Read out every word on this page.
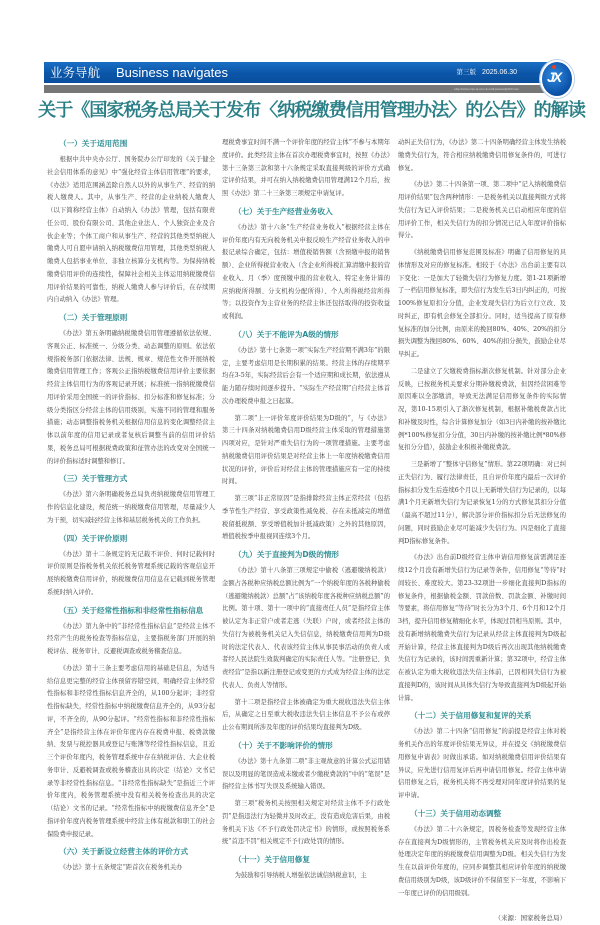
业务导航 Business navigates	第三版 2025.06.30
Http://www.cnjx-ta.com E-mail:jxswsw@163.com
JX
关于《国家税务总局关于发布〈纳税缴费信用管理办法〉的公告》的解读
（一）关于适用范围

根据中共中央办公厅、国务院办公厅印发的《关于健全社会信用体系的意见》中“强化经营主体信用管理”的要求，《办法》适用范围涵盖除自然人以外的从事生产、经营的纳税人缴费人。其中，从事生产、经营的企业纳税人缴费人（以下简称经营主体）自动纳入《办法》管理，包括有限责任公司、股份有限公司、其他企业法人、个人独资企业及合伙企业等；个体工商户和从事生产、经营的其他类型纳税人缴费人可自愿申请纳入纳税缴费信用管理，其他类型纳税人缴费人包括事业单位、非独立核算分支机构等。为保持纳税缴费信用评价的连续性，保障社会相关主体运用纳税缴费信用评价结果的可靠性，纳税人缴费人参与评价后，在存续期内自动纳入《办法》管理。

（二）关于管理原则

《办法》第五条明确纳税缴费信用管理遵循依法依规、客观公正、标准统一、分级分类、动态调整的原则。依法依规指税务部门依据法律、法规、规章、规范性文件开展纳税缴费信用管理工作；客观公正指纳税缴费信用评价主要依据经营主体信用行为的客观记录开展；标准统一指纳税缴费信用评价采用全国统一的评价指标、扣分标准和修复标准；分级分类指区分经营主体的信用级别，实施不同的管理和服务措施；动态调整指税务机关根据信用信息的变化调整经营主体以前年度的信用记录或者复核后调整当前的信用评价结果，税务总局可根据税费政策和征管办法的改变对全国统一的评价指标适时调整和修订。

（三）关于管理方式

《办法》第六条明确税务总局负责纳税缴费信用管理工作的信息化建设，规范统一纳税缴费信用管理，尽量减少人为干预，切实减轻经营主体和基层税务机关的工作负担。

（四）关于评价原则

《办法》第十二条规定的无记载不评价、何时记载何时评价原则是指税务机关依托税务管理系统记载的客观信息开展纳税缴费信用评价，纳税缴费信用信息在记载到税务管理系统时纳入评价。

（五）关于经常性指标和非经常性指标信息

《办法》第九条中的“非经常性指标信息”是经营主体不经常产生的税务检查等指标信息，主要指税务部门开展的纳税评估、税务审计、反避税调查或税务稽查信息。

《办法》第十三条主要考虑信用的基础是信息，为适当给信息更完整的经营主体预留容错空间，明确经营主体经常性指标和非经常性指标信息齐全的，从100分起评；非经常性指标缺失，经常性指标中纳税缴费信息齐全的，从93分起评，不齐全的，从90分起评。“经常性指标和非经常性指标齐全”是指经营主体在评价年度内存在税费申报、税费款缴纳、发票与税控器具或登记与账簿等经常性指标信息，且近三个评价年度内，税务管理系统中存在纳税评估、大企业税务审计、反避税调查或税务稽查出具的决定（结论）文书记录等非经常性指标信息。“非经常性指标缺失”是指近三个评价年度内，税务管理系统中没有相关税务检查出具的决定（结论）文书的记录。“经常性指标中纳税缴费信息齐全”是指评价年度内税务管理系统中经营主体有税款和职工的社会保险费申报记录。

（六）关于新设立经营主体的评价方式

《办法》第十五条规定“距首次在税务机关办

理税费事宜时间不满一个评价年度的经营主体”不参与本期年度评价。此类经营主体在首次办理税费事宜时，按照《办法》第十三条第三款和第十六条规定采取直接判级的评价方式确定评价结果，并可在纳入纳税缴费信用管理满12个月后，按照《办法》第二十三条第三项规定申请复评。

（七）关于生产经营业务收入

《办法》第十六条“生产经营业务收入”根据经营主体在评价年度内有无向税务机关申报反映生产经营业务收入的申报记录综合确定，包括：增值税销售额（含预缴申报的销售额）、企业所得税营业收入（含企业所得税汇算清缴申报的营业收入、月（季）度预缴申报的营业收入、特定业务计算的应纳税所得额、分支机构分配所得）、个人所得税经营所得等；以投资作为主营业务的经营主体还包括取得的投资收益或利润。

（八）关于不能评为A级的情形

《办法》第十七条第一项“实际生产经营期不满3年”的限定，主要考虑信用是长期积累的结果。经营主体的存续期平均在3-5年，实际经营后会有一个适应期和成长期，依法遵从能力随存续时间逐步提升。“实际生产经营期”自经营主体首次办理税费申报之日起算。

第二项“上一评价年度评价结果为D级的”，与《办法》第三十四条对纳税缴费信用D级经营主体采取的管理措施第四项对应，是针对严重失信行为的一项管理措施。主要考虑纳税缴费信用评价结果是对经营主体上一年度纳税缴费信用状况的评价，评价后对经营主体的管理措施应有一定的持续时间。

第三项“非正常原因”是指排除经营主体正常经营（包括季节性生产经营、享受政策性减免税、存在未抵减完的增值税留抵税额、享受增值税加计抵减政策）之外的其他原因，增值税按季申报视同连续3个月。

（九）关于直接判为D级的情形

《办法》第十八条第三项规定中偷税（逃避缴纳税款）金额占各税种应纳税总额比例为“一个纳税年度的各税种偷税（逃避缴纳税款）总额”占“该纳税年度各税种应纳税总额”的比例。第十项、第十一项中的“直接责任人员”是指经营主体被认定为非正常户或者走逃（失联）户时，或者经营主体的失信行为被税务机关记入失信信息，纳税缴费信用判为D级时的法定代表人、代表该经营主体从事民事活动的负责人或者经人民法院生效裁判确定的实际责任人等。“注册登记、负责经营”是指以新注册登记或变更的方式成为经营主体的法定代表人、负责人等情形。

第十二项是指经营主体被确定为重大税收违法失信主体后，从确定之日至重大税收违法失信主体信息不予公布或停止公布期间所涉及年度的评价结果均直接判为D级。

（十）关于不影响评价的情形

《办法》第十九条第二项“非主观故意的计算公式运用错误以及明显的笔误造成未缴或者少缴税费款的”中的“笔误”是指经营主体书写失误及系统输入错误。

第三项“税务机关按照相关规定对经营主体不予行政处罚”是指违法行为轻微并及时改正，没有造成危害后果，由税务机关下达《不予行政处罚决定书》的情形，或按照税务系统“首违不罚”相关规定不予行政处罚的情形。

（十一）关于信用修复

为鼓励和引导纳税人增强依法诚信纳税意识，主

动纠正失信行为，《办法》第二十四条明确经营主体发生纳税缴费失信行为，符合相应纳税缴费信用修复条件的，可进行修复。

《办法》第二十四条第一项、第二项中“记入纳税缴费信用评价结果”包含两种情形：一是税务机关以直接判级方式将失信行为记入评价结果；二是税务机关已启动相应年度的信用评价工作，相关失信行为的扣分情况已记入年度评价指标得分。

《纳税缴费信用修复范围及标准》明确了信用修复的具体情形及对应的修复标准。相较于《办法》出台前主要有以下变化：一是加大了轻微失信行为修复力度。第1-21项新增了一档信用修复标准，即失信行为发生后3日内纠正的，可按100%修复原扣分分值，企业发现失信行为后立行立改、及时纠正，即有机会修复全部扣分。同时，适当提高了原有修复标准的加分比例，由原来的挽回80%、40%、20%的扣分损失调整为挽回80%、60%、40%的扣分损失，鼓励企业尽早纠正。

二是建立了欠缴税费指标渐次修复机制。针对部分企业反映，已按税务机关要求分期补缴税费款，但因经营困难等原因难以全部缴清，导致无法满足信用修复条件的实际情况，第10-15项引入了渐次修复机制，根据补缴税费款占比和补缴及时性，综合计算修复加分（如3日内补缴的按补缴比例*100%修复扣分分值，30日内补缴的按补缴比例*80%修复扣分分值），鼓励企业积极补缴税费款。

三是新增了“整体守信修复”情形。第22项明确：对已纠正失信行为、履行法律责任，且自评价年度内最后一次评价指标扣分发生后连续6个月以上无新增失信行为记录的，以每满1个月无新增失信行为记录恢复1分的方式修复其扣分分值（最高不超过11分），解决部分评价指标扣分后无法修复的问题，同时鼓励企业尽可能减少失信行为。四是细化了直接判D指标修复条件。

《办法》出台前D级经营主体申请信用修复前需满足连续12个月没有新增失信行为记录等条件，信用修复“等待”时间较长、难度较大。第23-32项进一步细化直接判D指标的修复条件，根据偷税金额、罚款倍数、罚款金额、补缴时间等要素，将信用修复“等待”时长分为3个月、6个月和12个月3档，提升信用修复精细化水平，体现过罚相当原则。其中，没有新增纳税缴费失信行为记录从经营主体直接判为D级起开始计算，经营主体直接判为D级后再次出现其他纳税缴费失信行为记录的，该时间需重新计算；第32项中，经营主体在被认定为重大税收违法失信主体前，已因相同失信行为被直接判D的，该时间从具体失信行为导致直接判为D级起开始计算。

（十二）关于信用修复和复评的关系

《办法》第二十四条“信用修复”的前提是经营主体对税务机关作出的年度评价结果无异议，并在提交《纳税缴费信用修复申请表》时做出承诺。如对纳税缴费信用评价结果有异议，应先进行信用复评后再申请信用修复。经营主体申请信用修复之后，税务机关将不再受理对同年度评价结果的复评申请。

（十三）关于信用动态调整

《办法》第二十六条规定，因税务检查等发现经营主体存在直接判为D级情形的，主管税务机关应及时将作出检查处理决定年度的纳税缴费信用调整为D级。相关失信行为发生在以前评价年度的，应同步调整其相应评价年度的纳税缴费信用级别为D级，该D级评价不保留至下一年度，不影响下一年度已评价的信用级别。

（来源：国家税务总局）
